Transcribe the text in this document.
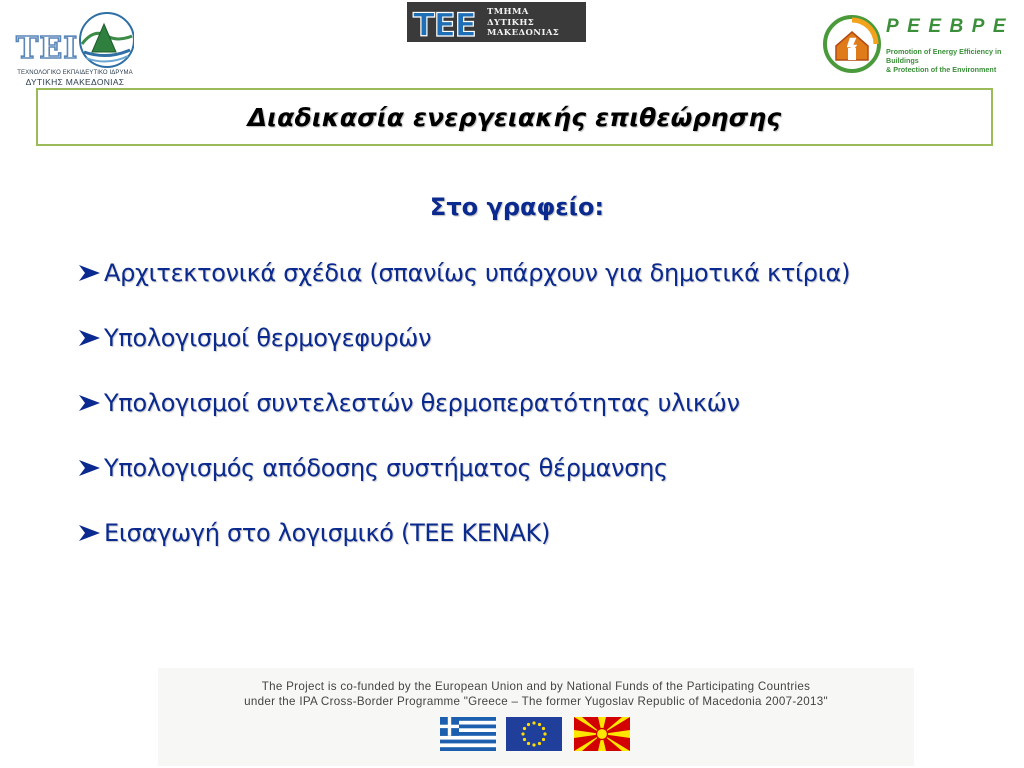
TEI
ΤΕΧΝΟΛΟΓΙΚΟ ΕΚΠΑΙΔΕΥΤΙΚΟ ΙΔΡΥΜΑ
ΔΥΤΙΚΗΣ ΜΑΚΕΔΟΝΙΑΣ
TEE ΤΜΗΜΑ
ΔΥΤΙΚΗΣ
ΜΑΚΕΔΟΝΙΑΣ	PEEBPE
Promotion of Energy Efficiency in Buildings
& Protection of the Environment
Διαδικασία ενεργειακής επιθεώρησης
Στο γραφείο:
Αρχιτεκτονικά σχέδια (σπανίως υπάρχουν για δημοτικά κτίρια)
Υπολογισμοί θερμογεφυρών
Υπολογισμοί συντελεστών θερμοπερατότητας υλικών
Υπολογισμός απόδοσης συστήματος θέρμανσης
Εισαγωγή στο λογισμικό (ΤΕΕ ΚΕΝΑΚ)
The Project is co-funded by the European Union and by National Funds of the Participating Countries
under the IPA Cross-Border Programme "Greece – The former Yugoslav Republic of Macedonia 2007-2013"
